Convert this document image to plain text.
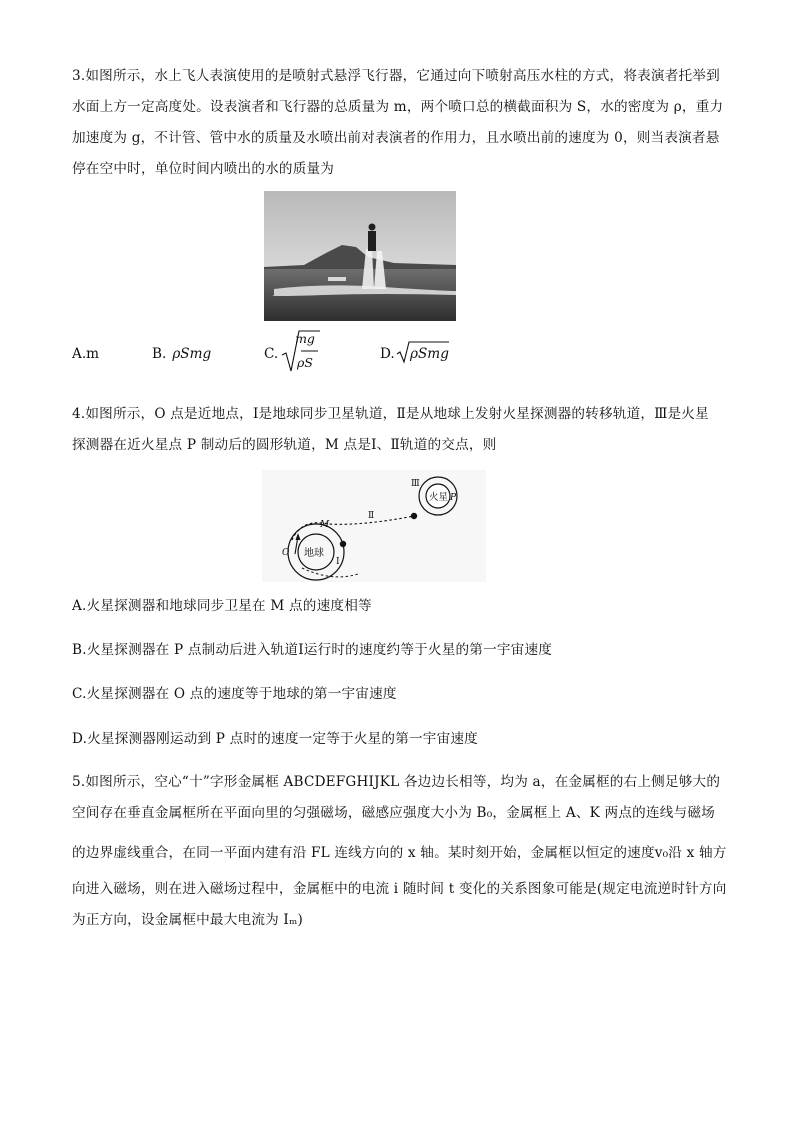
3.如图所示，水上飞人表演使用的是喷射式悬浮飞行器，它通过向下喷射高压水柱的方式，将表演者托举到
水面上方一定高度处。设表演者和飞行器的总质量为 m，两个喷口总的横截面积为 S，水的密度为 ρ，重力
加速度为 g，不计管、管中水的质量及水喷出前对表演者的作用力，且水喷出前的速度为 0，则当表演者悬
停在空中时，单位时间内喷出的水的质量为
A.m	B. ρSmg	C.
mg
ρS
D. ρSmg
4.如图所示，O 点是近地点，Ⅰ是地球同步卫星轨道，Ⅱ是从地球上发射火星探测器的转移轨道，Ⅲ是火星
探测器在近火星点 P 制动后的圆形轨道，M 点是Ⅰ、Ⅱ轨道的交点，则
地球
火星
Ⅲ
P
Ⅱ
M
O
I
A.火星探测器和地球同步卫星在 M 点的速度相等
B.火星探测器在 P 点制动后进入轨道Ⅰ运行时的速度约等于火星的第一宇宙速度
C.火星探测器在 O 点的速度等于地球的第一宇宙速度
D.火星探测器刚运动到 P 点时的速度一定等于火星的第一宇宙速度
5.如图所示，空心“十”字形金属框 ABCDEFGHIJKL 各边边长相等，均为 a，在金属框的右上侧足够大的
空间存在垂直金属框所在平面向里的匀强磁场，磁感应强度大小为 B₀，金属框上 A、K 两点的连线与磁场
的边界虚线重合，在同一平面内建有沿 FL 连线方向的 x 轴。某时刻开始，金属框以恒定的速度v₀沿 x 轴方
向进入磁场，则在进入磁场过程中，金属框中的电流 i 随时间 t 变化的关系图象可能是(规定电流逆时针方向
为正方向，设金属框中最大电流为 Iₘ)
